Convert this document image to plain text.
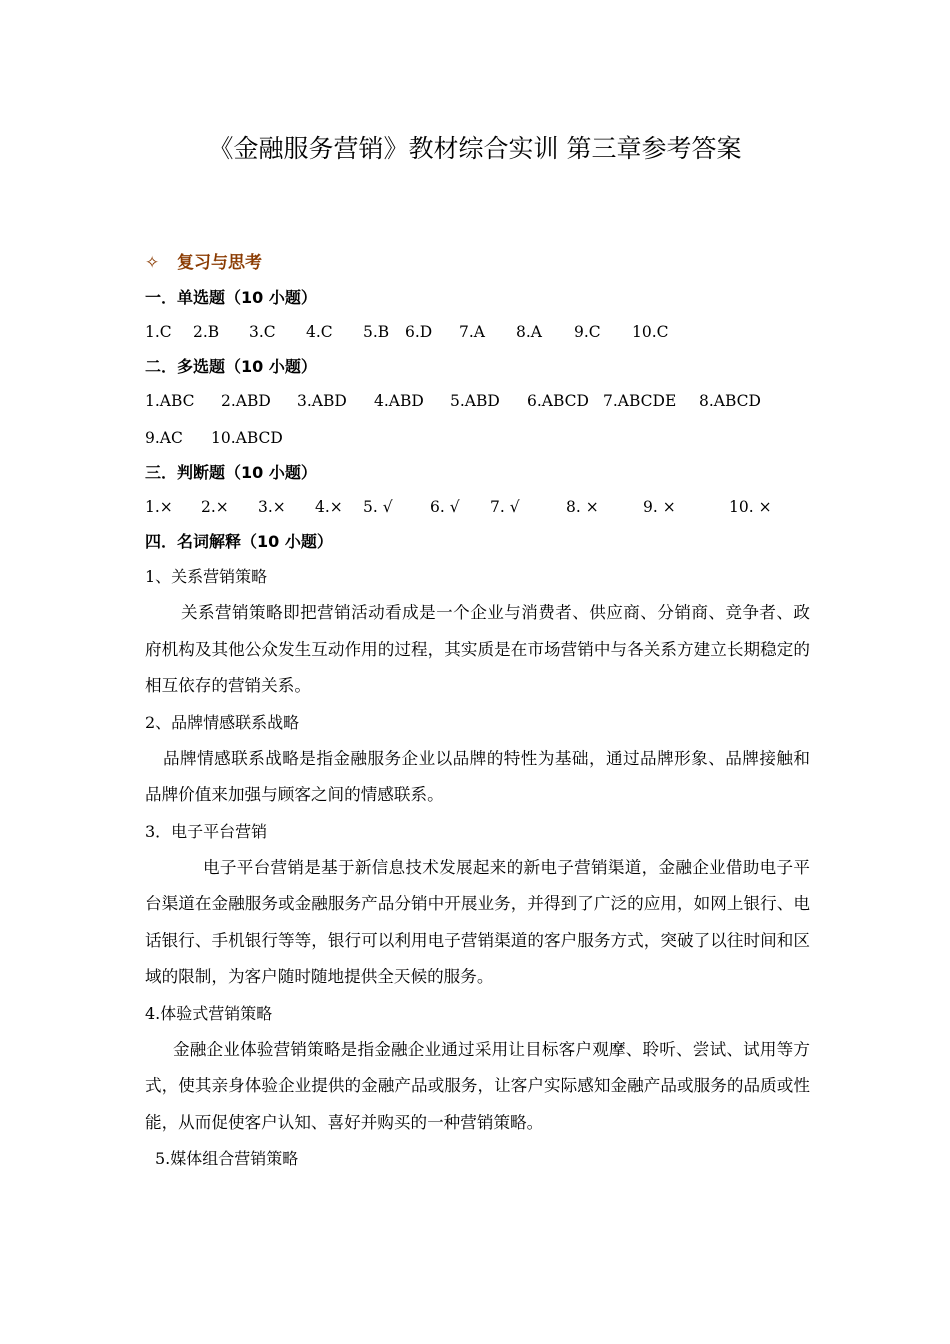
《金融服务营销》教材综合实训 第三章参考答案
✧ 复习与思考
一．单选题（10 小题）
1.C 2.B 3.C 4.C 5.B 6.D 7.A 8.A 9.C 10.C
二．多选题（10 小题）
1.ABC 2.ABD 3.ABD 4.ABD 5.ABD 6.ABCD 7.ABCDE 8.ABCD
9.AC 10.ABCD
三．判断题（10 小题）
1.× 2.× 3.× 4.× 5. √ 6. √ 7. √	8. ×	9. ×	10. ×
四．名词解释（10 小题）
1、关系营销策略
关系营销策略即把营销活动看成是一个企业与消费者、供应商、分销商、竞争者、政府机构及其他公众发生互动作用的过程，其实质是在市场营销中与各关系方建立长期稳定的相互依存的营销关系。
2、品牌情感联系战略
品牌情感联系战略是指金融服务企业以品牌的特性为基础，通过品牌形象、品牌接触和品牌价值来加强与顾客之间的情感联系。
3．电子平台营销
电子平台营销是基于新信息技术发展起来的新电子营销渠道，金融企业借助电子平台渠道在金融服务或金融服务产品分销中开展业务，并得到了广泛的应用，如网上银行、电话银行、手机银行等等，银行可以利用电子营销渠道的客户服务方式，突破了以往时间和区域的限制，为客户随时随地提供全天候的服务。
4.体验式营销策略
金融企业体验营销策略是指金融企业通过采用让目标客户观摩、聆听、尝试、试用等方式，使其亲身体验企业提供的金融产品或服务，让客户实际感知金融产品或服务的品质或性能，从而促使客户认知、喜好并购买的一种营销策略。
5.媒体组合营销策略
